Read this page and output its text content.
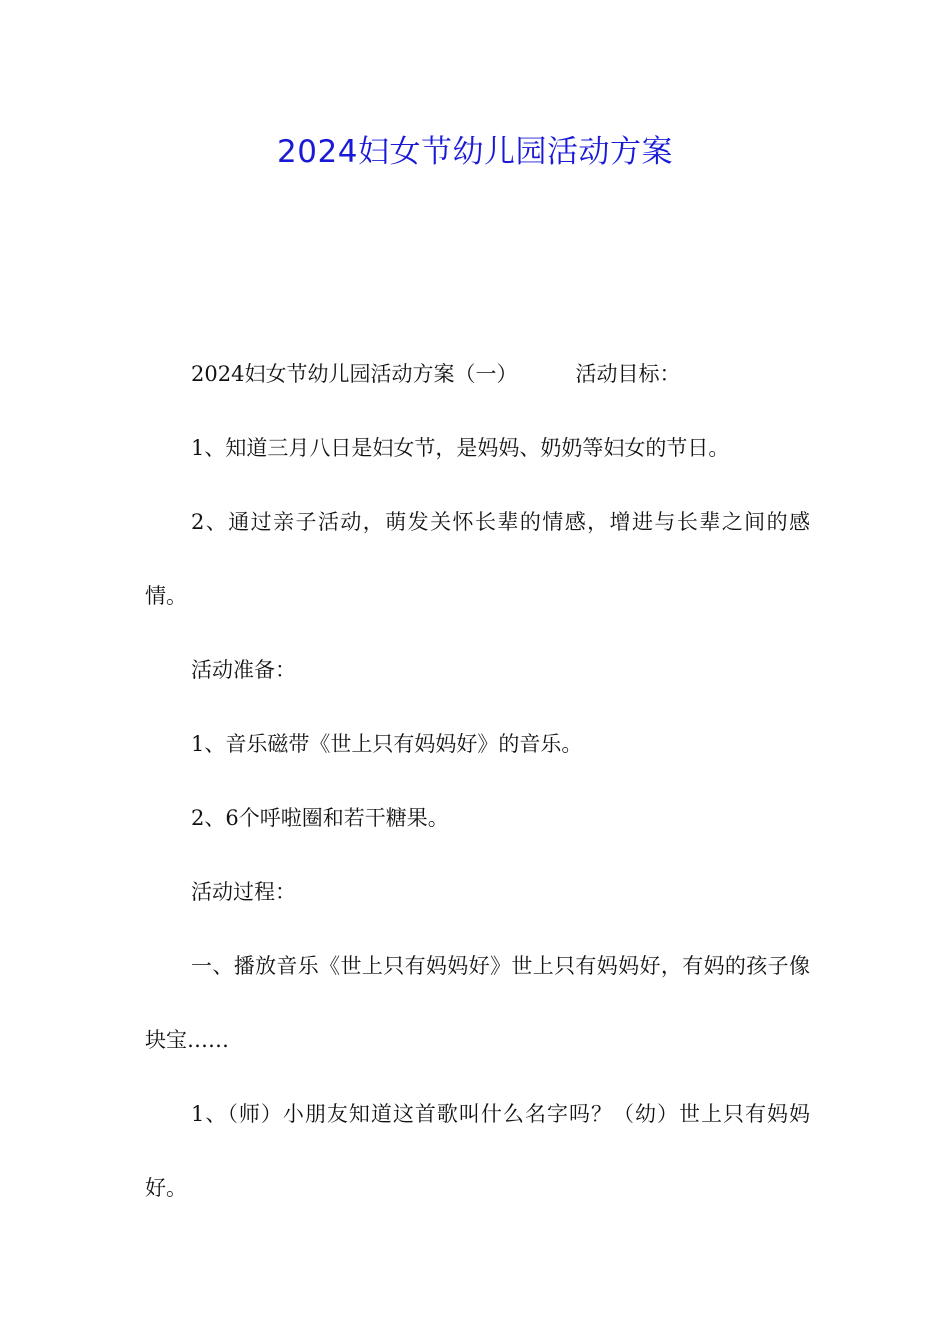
2024妇女节幼儿园活动方案

2024妇女节幼儿园活动方案（一）	活动目标：

1、知道三月八日是妇女节，是妈妈、奶奶等妇女的节日。

2、通过亲子活动，萌发关怀长辈的情感，增进与长辈之间的感情。

活动准备：

1、音乐磁带《世上只有妈妈好》的音乐。

2、6个呼啦圈和若干糖果。

活动过程：

一、播放音乐《世上只有妈妈好》世上只有妈妈好，有妈的孩子像块宝……

1、（师）小朋友知道这首歌叫什么名字吗？（幼）世上只有妈妈好。
